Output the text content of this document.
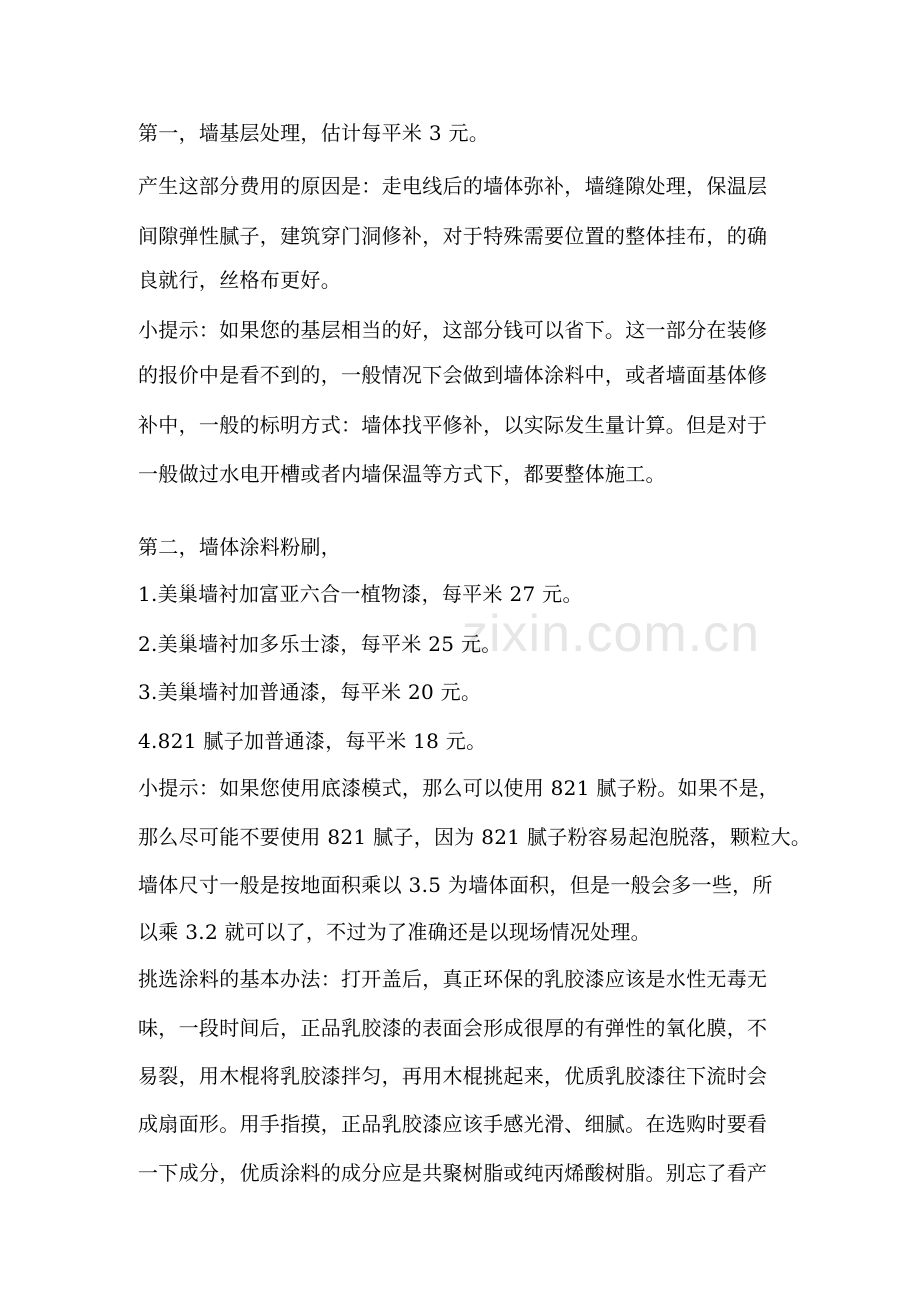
zixin.com.cn
第一，墙基层处理，估计每平米 3 元。
产生这部分费用的原因是：走电线后的墙体弥补，墙缝隙处理，保温层
间隙弹性腻子，建筑穿门洞修补，对于特殊需要位置的整体挂布，的确
良就行，丝格布更好。
小提示：如果您的基层相当的好，这部分钱可以省下。这一部分在装修
的报价中是看不到的，一般情况下会做到墙体涂料中，或者墙面基体修
补中，一般的标明方式：墙体找平修补，以实际发生量计算。但是对于
一般做过水电开槽或者内墙保温等方式下，都要整体施工。
第二，墙体涂料粉刷，
1.美巢墙衬加富亚六合一植物漆，每平米 27 元。
2.美巢墙衬加多乐士漆，每平米 25 元。
3.美巢墙衬加普通漆，每平米 20 元。
4.821 腻子加普通漆，每平米 18 元。
小提示：如果您使用底漆模式，那么可以使用 821 腻子粉。如果不是，
那么尽可能不要使用 821 腻子，因为 821 腻子粉容易起泡脱落，颗粒大。
墙体尺寸一般是按地面积乘以 3.5 为墙体面积，但是一般会多一些，所
以乘 3.2 就可以了，不过为了准确还是以现场情况处理。
挑选涂料的基本办法：打开盖后，真正环保的乳胶漆应该是水性无毒无
味，一段时间后，正品乳胶漆的表面会形成很厚的有弹性的氧化膜，不
易裂，用木棍将乳胶漆拌匀，再用木棍挑起来，优质乳胶漆往下流时会
成扇面形。用手指摸，正品乳胶漆应该手感光滑、细腻。在选购时要看
一下成分，优质涂料的成分应是共聚树脂或纯丙烯酸树脂。别忘了看产
